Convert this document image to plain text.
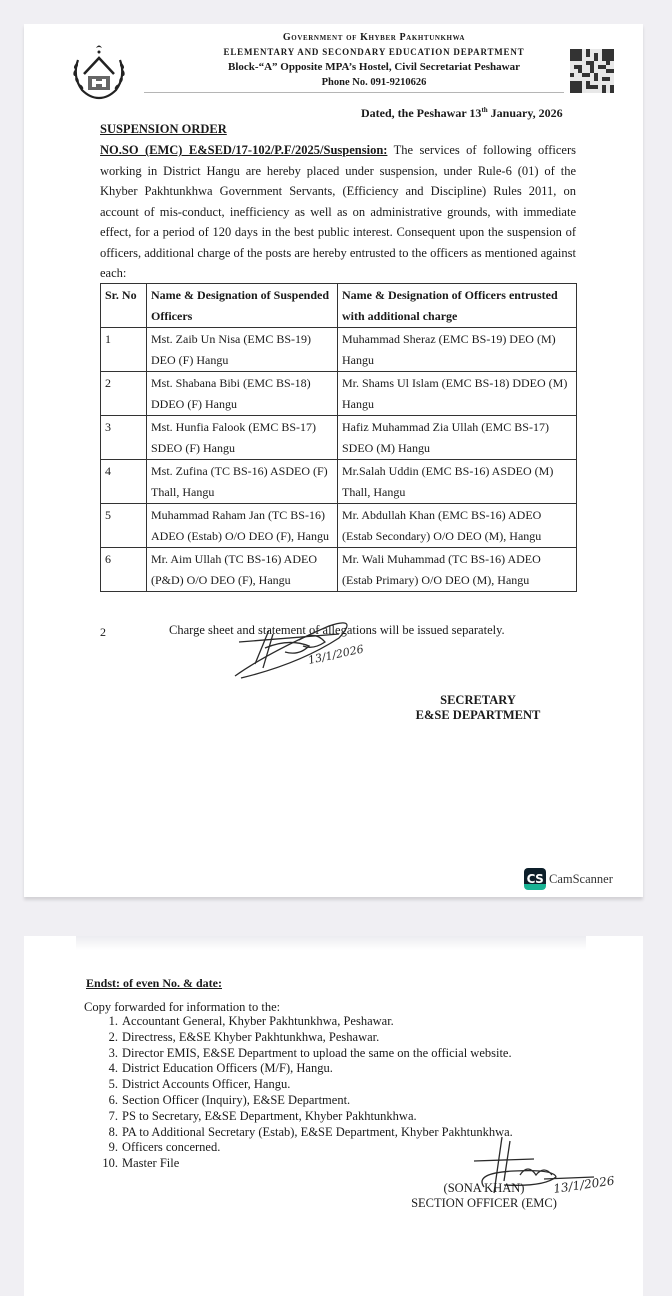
Government of Khyber Pakhtunkhwa
ELEMENTARY AND SECONDARY EDUCATION DEPARTMENT
Block-“A” Opposite MPA’s Hostel, Civil Secretariat Peshawar
Phone No. 091-9210626
Dated, the Peshawar 13th January, 2026
SUSPENSION ORDER
NO.SO (EMC) E&SED/17-102/P.F/2025/Suspension: The services of following officers working in District Hangu are hereby placed under suspension, under Rule-6 (01) of the Khyber Pakhtunkhwa Government Servants, (Efficiency and Discipline) Rules 2011, on account of mis-conduct, inefficiency as well as on administrative grounds, with immediate effect, for a period of 120 days in the best public interest. Consequent upon the suspension of officers, additional charge of the posts are hereby entrusted to the officers as mentioned against each:
Sr. No	Name & Designation of Suspended Officers	Name & Designation of Officers entrusted with additional charge
1	Mst. Zaib Un Nisa (EMC BS-19) DEO (F) Hangu	Muhammad Sheraz (EMC BS-19) DEO (M) Hangu
2	Mst. Shabana Bibi (EMC BS-18) DDEO (F) Hangu	Mr. Shams Ul Islam (EMC BS-18) DDEO (M) Hangu
3	Mst. Hunfia Falook (EMC BS-17) SDEO (F) Hangu	Hafiz Muhammad Zia Ullah (EMC BS-17) SDEO (M) Hangu
4	Mst. Zufina (TC BS-16) ASDEO (F) Thall, Hangu	Mr.Salah Uddin (EMC BS-16) ASDEO (M) Thall, Hangu
5	Muhammad Raham Jan (TC BS-16) ADEO (Estab) O/O DEO (F), Hangu	Mr. Abdullah Khan (EMC BS-16) ADEO (Estab Secondary) O/O DEO (M), Hangu
6	Mr. Aim Ullah (TC BS-16) ADEO (P&D) O/O DEO (F), Hangu	Mr. Wali Muhammad (TC BS-16) ADEO (Estab Primary) O/O DEO (M), Hangu
2	Charge sheet and statement of allegations will be issued separately.
13/1/2026
SECRETARY
E&SE DEPARTMENT
CS CamScanner
Endst: of even No. & date:
Copy forwarded for information to the:
1. Accountant General, Khyber Pakhtunkhwa, Peshawar.
2. Directress, E&SE Khyber Pakhtunkhwa, Peshawar.
3. Director EMIS, E&SE Department to upload the same on the official website.
4. District Education Officers (M/F), Hangu.
5. District Accounts Officer, Hangu.
6. Section Officer (Inquiry), E&SE Department.
7. PS to Secretary, E&SE Department, Khyber Pakhtunkhwa.
8. PA to Additional Secretary (Estab), E&SE Department, Khyber Pakhtunkhwa.
9. Officers concerned.
10. Master File
13/1/2026
(SONA KHAN)
SECTION OFFICER (EMC)
